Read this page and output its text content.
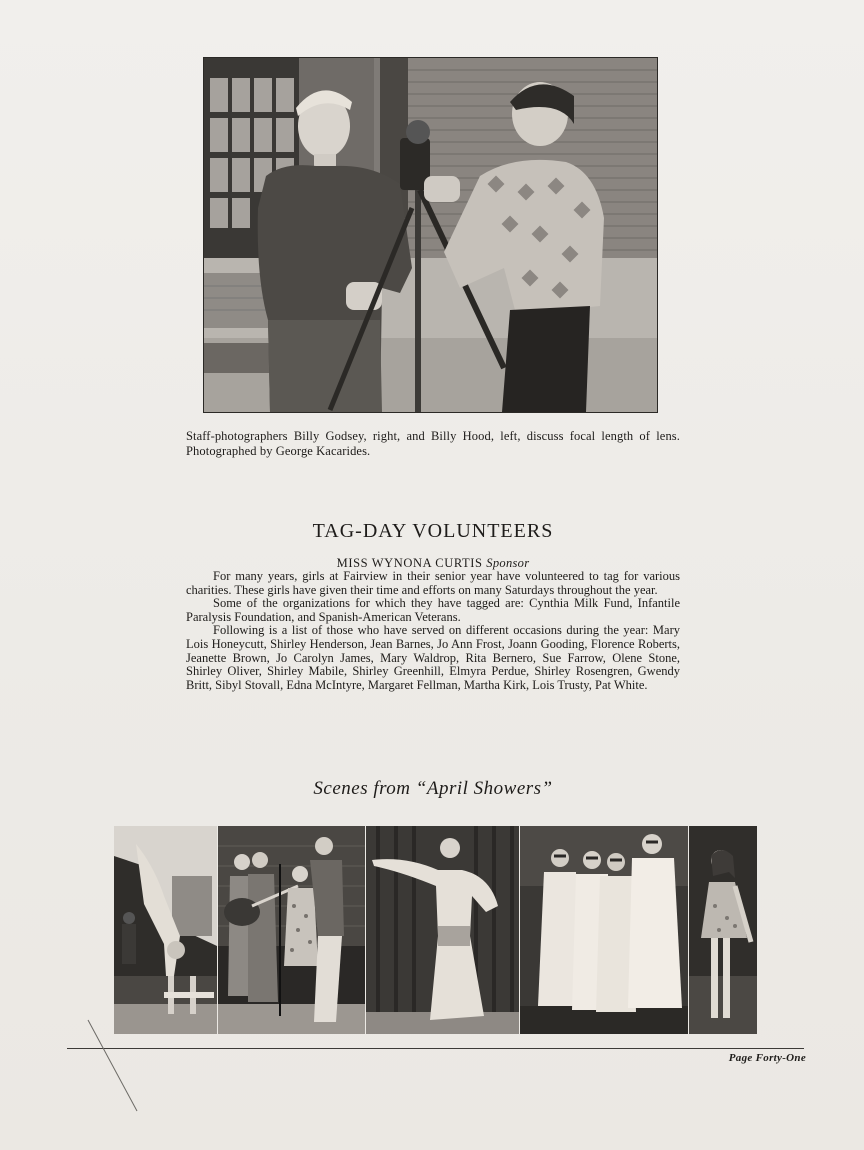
Staff-photographers Billy Godsey, right, and Billy Hood, left, discuss focal length of lens. Photographed by George Kacarides.
TAG-DAY VOLUNTEERS
MISS WYNONA CURTIS Sponsor

For many years, girls at Fairview in their senior year have volunteered to tag for various charities. These girls have given their time and efforts on many Saturdays throughout the year.

Some of the organizations for which they have tagged are: Cynthia Milk Fund, Infantile Paralysis Foundation, and Spanish-American Veterans.

Following is a list of those who have served on different occasions during the year: Mary Lois Honeycutt, Shirley Henderson, Jean Barnes, Jo Ann Frost, Joann Gooding, Florence Roberts, Jeanette Brown, Jo Carolyn James, Mary Waldrop, Rita Bernero, Sue Farrow, Olene Stone, Shirley Oliver, Shirley Mabile, Shirley Greenhill, Elmyra Perdue, Shirley Rosengren, Gwendy Britt, Sibyl Stovall, Edna McIntyre, Margaret Fellman, Martha Kirk, Lois Trusty, Pat White.

Scenes from “April Showers”
Page Forty-One
